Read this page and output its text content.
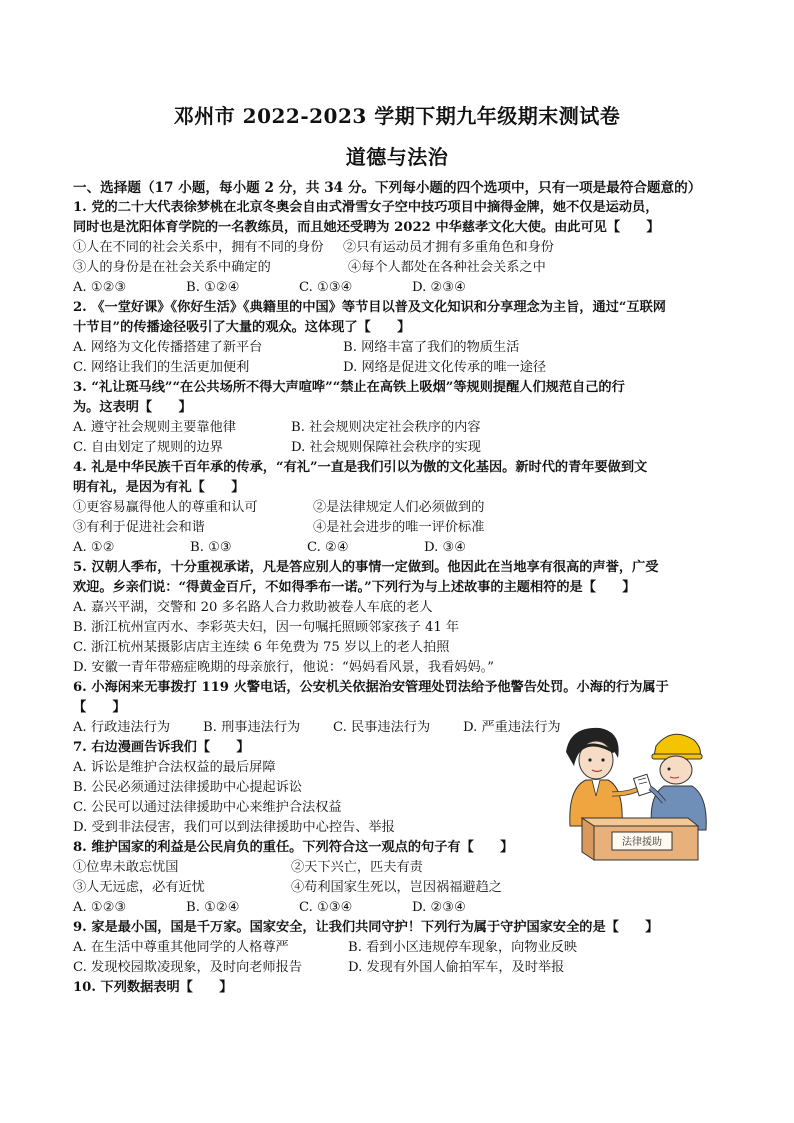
邓州市 2022-2023 学期下期九年级期末测试卷
道德与法治
一、选择题（17 小题，每小题 2 分，共 34 分。下列每小题的四个选项中，只有一项是最符合题意的）
1. 党的二十大代表徐梦桃在北京冬奥会自由式滑雪女子空中技巧项目中摘得金牌，她不仅是运动员，
同时也是沈阳体育学院的一名教练员，而且她还受聘为 2022 中华慈孝文化大使。由此可见【　　】
①人在不同的社会关系中，拥有不同的身份	②只有运动员才拥有多重角色和身份
③人的身份是在社会关系中确定的	④每个人都处在各种社会关系之中
A. ①②③	B. ①②④	C. ①③④	D. ②③④
2. 《一堂好课》《你好生活》《典籍里的中国》等节目以普及文化知识和分享理念为主旨，通过“互联网
十节目”的传播途径吸引了大量的观众。这体现了【　　】
A. 网络为文化传播搭建了新平台	B. 网络丰富了我们的物质生活
C. 网络让我们的生活更加便利	D. 网络是促进文化传承的唯一途径
3. “礼让斑马线”“在公共场所不得大声喧哗”“禁止在高铁上吸烟”等规则提醒人们规范自己的行
为。这表明【　　】
A. 遵守社会规则主要靠他律	B. 社会规则决定社会秩序的内容
C. 自由划定了规则的边界	D. 社会规则保障社会秩序的实现
4. 礼是中华民族千百年承的传承，“有礼”一直是我们引以为傲的文化基因。新时代的青年要做到文
明有礼，是因为有礼【　　】
①更容易赢得他人的尊重和认可	②是法律规定人们必须做到的
③有利于促进社会和谐	④是社会进步的唯一评价标准
A. ①②	B. ①③	C. ②④	D. ③④
5. 汉朝人季布，十分重视承诺，凡是答应别人的事情一定做到。他因此在当地享有很高的声誉，广受
欢迎。乡亲们说：“得黄金百斤，不如得季布一诺。”下列行为与上述故事的主题相符的是【　　】
A. 嘉兴平湖，交警和 20 多名路人合力救助被卷人车底的老人
B. 浙江杭州宣丙水、李彩英夫妇，因一句嘱托照顾邻家孩子 41 年
C. 浙江杭州某摄影店店主连续 6 年免费为 75 岁以上的老人拍照
D. 安徽一青年带癌症晚期的母亲旅行，他说：“妈妈看风景，我看妈妈。”
6. 小海闲来无事拨打 119 火警电话，公安机关依据治安管理处罚法给予他警告处罚。小海的行为属于
【　　】
A. 行政违法行为	B. 刑事违法行为	C. 民事违法行为	D. 严重违法行为
7. 右边漫画告诉我们【　　】
A. 诉讼是维护合法权益的最后屏障
B. 公民必须通过法律援助中心提起诉讼
C. 公民可以通过法律援助中心来维护合法权益
D. 受到非法侵害，我们可以到法律援助中心控告、举报
8. 维护国家的利益是公民肩负的重任。下列符合这一观点的句子有【　　】
①位卑未敢忘忧国	②天下兴亡，匹夫有责
③人无远虑，必有近忧	④苟利国家生死以，岂因祸福避趋之
A. ①②③	B. ①②④	C. ①③④	D. ②③④
9. 家是最小国，国是千万家。国家安全，让我们共同守护！下列行为属于守护国家安全的是【　　】
A. 在生活中尊重其他同学的人格尊严	B. 看到小区违规停车现象，向物业反映
C. 发现校园欺凌现象，及时向老师报告	D. 发现有外国人偷拍军车，及时举报
10. 下列数据表明【　　】
法律援助
